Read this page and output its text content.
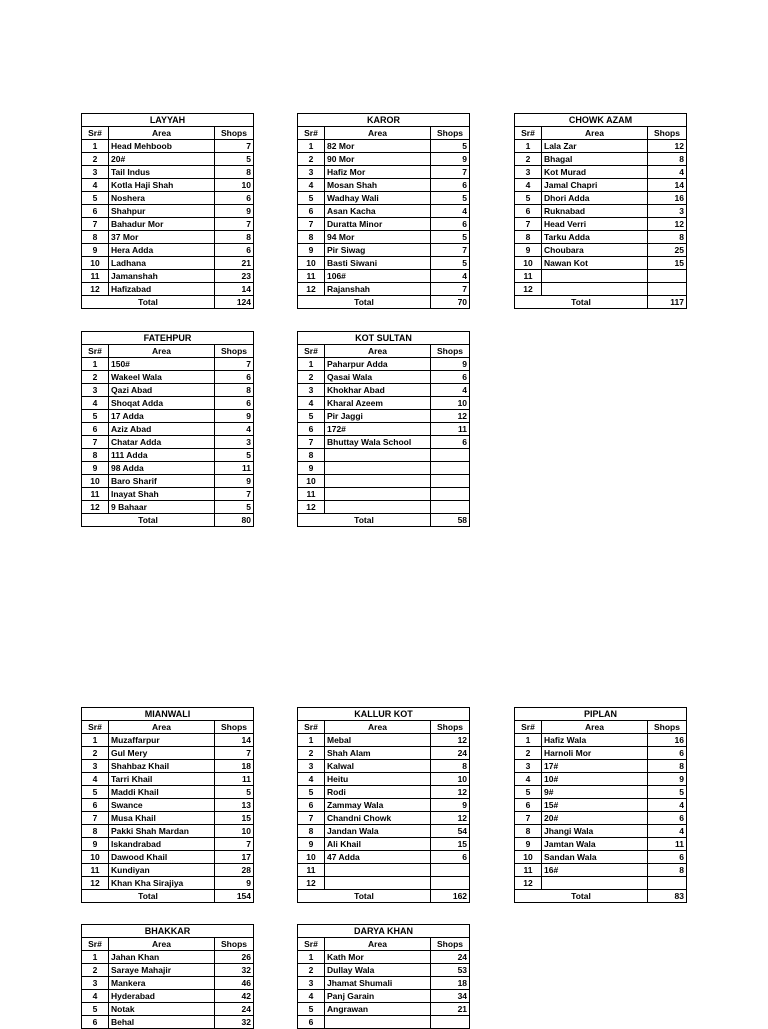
LAYYAH		
Sr#	Area	Shops
1	Head Mehboob	7
2	20#	5
3	Tail Indus	8
4	Kotla Haji Shah	10
5	Noshera	6
6	Shahpur	9
7	Bahadur Mor	7
8	37 Mor	8
9	Hera Adda	6
10	Ladhana	21
11	Jamanshah	23
12	Hafizabad	14
Total		124
KAROR		
Sr#	Area	Shops
1	82 Mor	5
2	90 Mor	9
3	Hafiz Mor	7
4	Mosan Shah	6
5	Wadhay Wali	5
6	Asan Kacha	4
7	Duratta Minor	6
8	94 Mor	5
9	Pir Siwag	7
10	Basti Siwani	5
11	106#	4
12	Rajanshah	7
Total		70
CHOWK AZAM		
Sr#	Area	Shops
1	Lala Zar	12
2	Bhagal	8
3	Kot Murad	4
4	Jamal Chapri	14
5	Dhori Adda	16
6	Ruknabad	3
7	Head Verri	12
8	Tarku Adda	8
9	Choubara	25
10	Nawan Kot	15
11		
12		
Total		117
FATEHPUR		
Sr#	Area	Shops
1	150#	7
2	Wakeel Wala	6
3	Qazi Abad	8
4	Shoqat Adda	6
5	17 Adda	9
6	Aziz Abad	4
7	Chatar Adda	3
8	111 Adda	5
9	98 Adda	11
10	Baro Sharif	9
11	Inayat Shah	7
12	9 Bahaar	5
Total		80
KOT SULTAN		
Sr#	Area	Shops
1	Paharpur Adda	9
2	Qasai Wala	6
3	Khokhar Abad	4
4	Kharal Azeem	10
5	Pir Jaggi	12
6	172#	11
7	Bhuttay Wala School	6
8		
9		
10		
11		
12		
Total		58
MIANWALI		
Sr#	Area	Shops
1	Muzaffarpur	14
2	Gul Mery	7
3	Shahbaz Khail	18
4	Tarri Khail	11
5	Maddi Khail	5
6	Swance	13
7	Musa Khail	15
8	Pakki Shah Mardan	10
9	Iskandrabad	7
10	Dawood Khail	17
11	Kundiyan	28
12	Khan Kha Sirajiya	9
Total		154
KALLUR KOT		
Sr#	Area	Shops
1	Mebal	12
2	Shah Alam	24
3	Kalwal	8
4	Heitu	10
5	Rodi	12
6	Zammay Wala	9
7	Chandni Chowk	12
8	Jandan Wala	54
9	Ali Khail	15
10	47 Adda	6
11		
12		
Total		162
PIPLAN		
Sr#	Area	Shops
1	Hafiz Wala	16
2	Harnoli Mor	6
3	17#	8
4	10#	9
5	9#	5
6	15#	4
7	20#	6
8	Jhangi Wala	4
9	Jamtan Wala	11
10	Sandan Wala	6
11	16#	8
12		
Total		83
BHAKKAR		
Sr#	Area	Shops
1	Jahan Khan	26
2	Saraye Mahajir	32
3	Mankera	46
4	Hyderabad	42
5	Notak	24
6	Behal	32
DARYA KHAN		
Sr#	Area	Shops
1	Kath Mor	24
2	Dullay Wala	53
3	Jhamat Shumali	18
4	Panj Garain	34
5	Angrawan	21
6		
